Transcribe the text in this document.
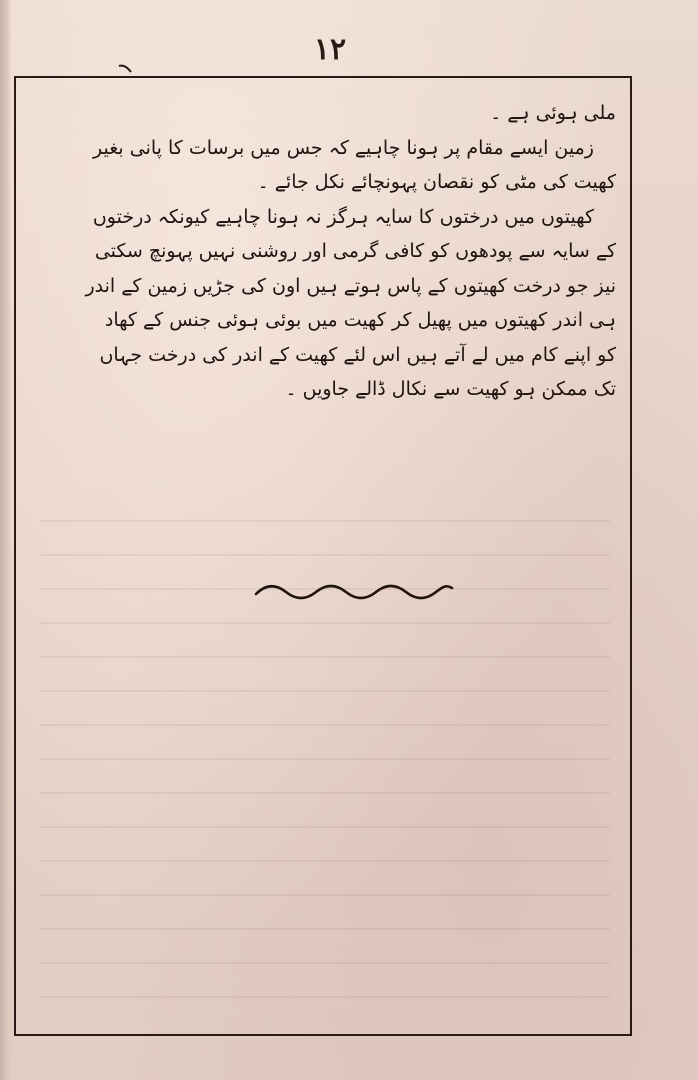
۱۲
ملی ہوئی ہے ۔
زمین ایسے مقام پر ہونا چاہیے کہ جس میں برسات کا پانی بغیر
کھیت کی مٹی کو نقصان پہونچائے نکل جائے ۔
کھیتوں میں درختوں کا سایہ ہرگز نہ ہونا چاہیے کیونکہ درختوں
کے سایہ سے پودھوں کو کافی گرمی اور روشنی نہیں پہونچ سکتی
نیز جو درخت کھیتوں کے پاس ہوتے ہیں اون کی جڑیں زمین کے اندر
ہی اندر کھیتوں میں پھیل کر کھیت میں بوئی ہوئی جنس کے کھاد
کو اپنے کام میں لے آتے ہیں اس لئے کھیت کے اندر کی درخت جہاں
تک ممکن ہو کھیت سے نکال ڈالے جاویں ۔
